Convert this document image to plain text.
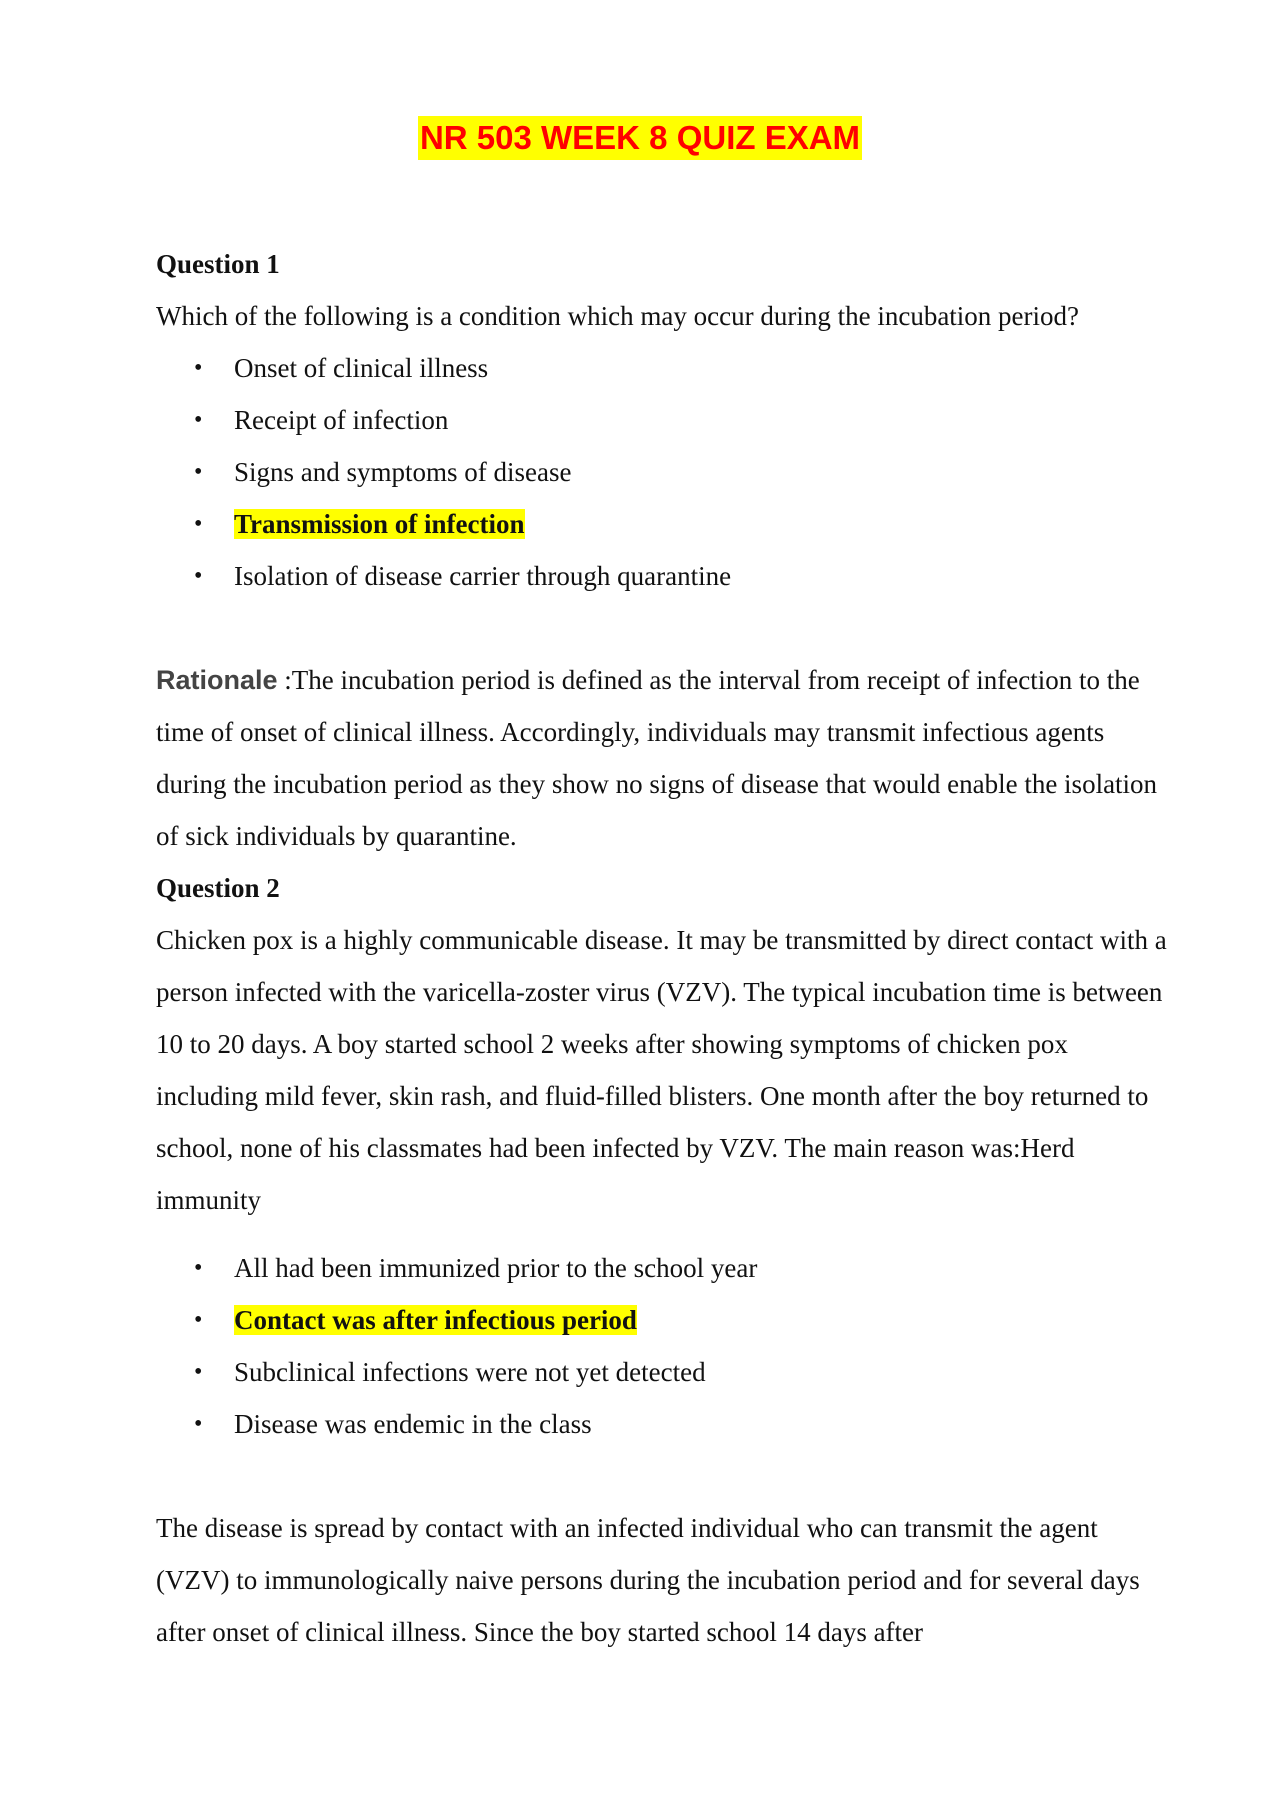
NR 503 WEEK 8 QUIZ EXAM

Question 1

Which of the following is a condition which may occur during the incubation period?

• Onset of clinical illness
• Receipt of infection
• Signs and symptoms of disease
• Transmission of infection
• Isolation of disease carrier through quarantine

Rationale :The incubation period is defined as the interval from receipt of infection to the time of onset of clinical illness. Accordingly, individuals may transmit infectious agents during the incubation period as they show no signs of disease that would enable the isolation of sick individuals by quarantine.

Question 2

Chicken pox is a highly communicable disease. It may be transmitted by direct contact with a person infected with the varicella-zoster virus (VZV). The typical incubation time is between 10 to 20 days. A boy started school 2 weeks after showing symptoms of chicken pox including mild fever, skin rash, and fluid-filled blisters. One month after the boy returned to school, none of his classmates had been infected by VZV. The main reason was:Herd immunity

• All had been immunized prior to the school year
• Contact was after infectious period
• Subclinical infections were not yet detected
• Disease was endemic in the class

The disease is spread by contact with an infected individual who can transmit the agent (VZV) to immunologically naive persons during the incubation period and for several days after onset of clinical illness. Since the boy started school 14 days after
